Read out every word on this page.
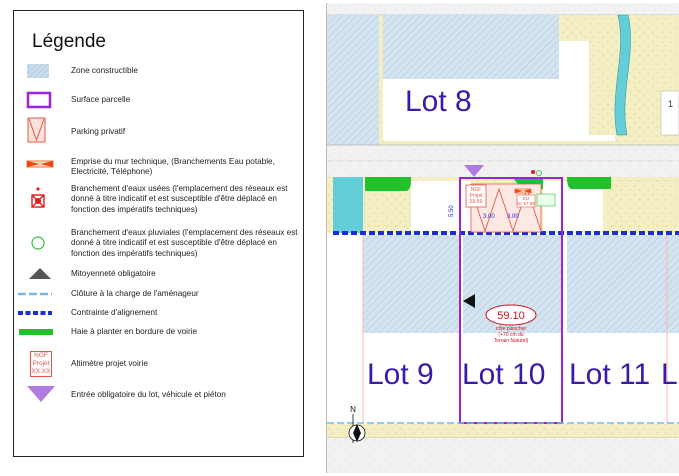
Légende
Zone constructible
Surface parcelle
Parking privatif
Emprise du mur technique, (Branchements Eau potable, Electricité, Téléphone)
Branchement d'eaux usées (l'emplacement des réseaux est donné à titre indicatif et est susceptible d'être déplacé en fonction des impératifs techniques)
Branchement d'eaux pluviales (l'emplacement des réseaux est donné à titre indicatif et est susceptible d'être déplacé en fonction des impératifs techniques)
Mitoyenneté obligatoire
Clôture à la charge de l'aménageur
Contrainte d'alignement
Haie à planter en bordure de voirie
NGF
Projet
XX.XX
Altimètre projet voirie
Entrée obligatoire du lot, véhicule et piéton
1
Lot 8
NGF
Projet
59.59
EU
fe: 57.98
3.00 3.00
5.50
59.10
côte plancher
(+70 cm du
Terrain Naturel)
Lot 9 Lot 10 Lot 11 L
N
